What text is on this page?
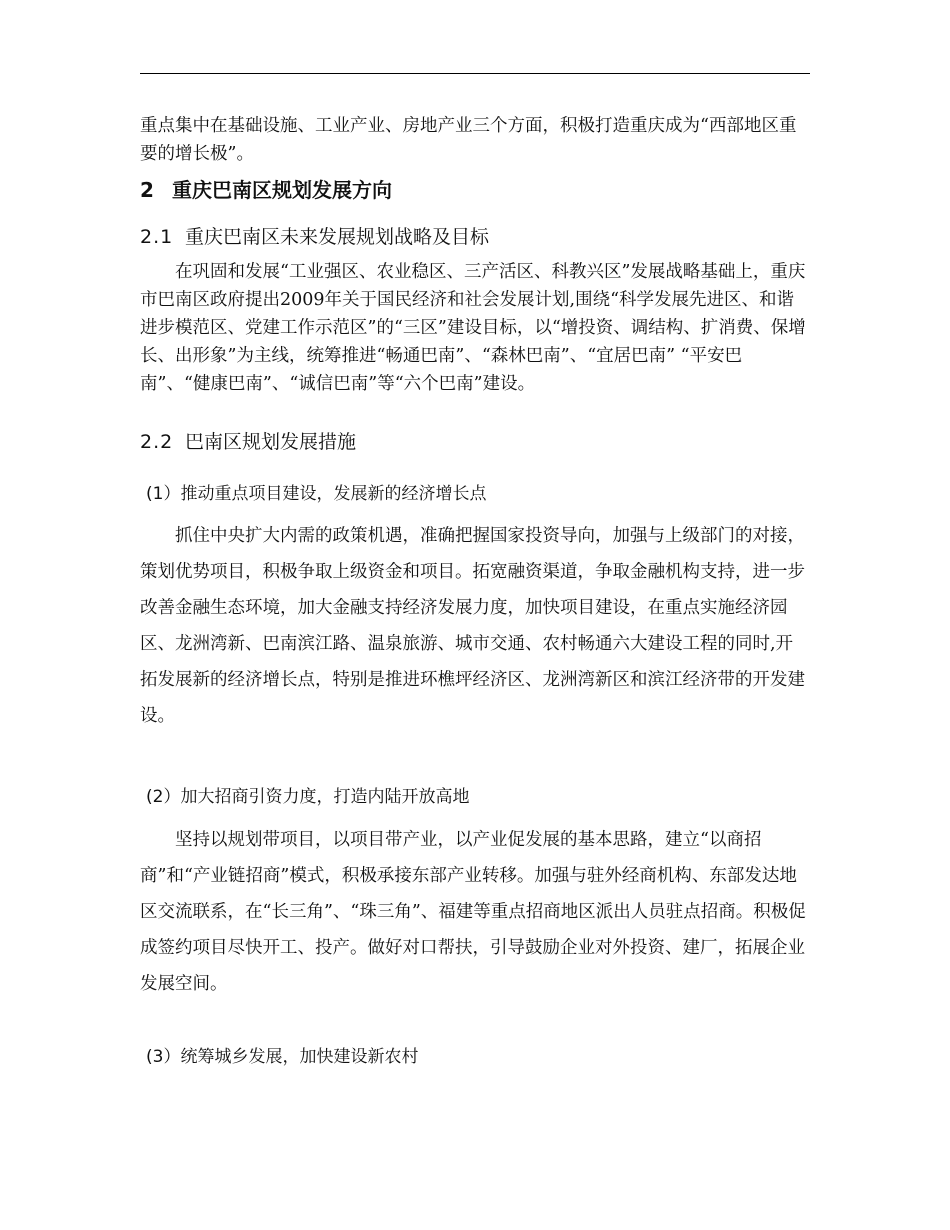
重点集中在基础设施、工业产业、房地产业三个方面，积极打造重庆成为“西部地区重要的增长极”。

2 重庆巴南区规划发展方向
2.1 重庆巴南区未来发展规划战略及目标

在巩固和发展“工业强区、农业稳区、三产活区、科教兴区”发展战略基础上，重庆市巴南区政府提出2009年关于国民经济和社会发展计划,围绕“科学发展先进区、和谐进步模范区、党建工作示范区”的“三区”建设目标，以“增投资、调结构、扩消费、保增长、出形象”为主线，统筹推进“畅通巴南”、“森林巴南”、“宜居巴南” “平安巴南”、“健康巴南”、“诚信巴南”等“六个巴南”建设。

2.2 巴南区规划发展措施
(1）推动重点项目建设，发展新的经济增长点

抓住中央扩大内需的政策机遇，准确把握国家投资导向，加强与上级部门的对接，策划优势项目，积极争取上级资金和项目。拓宽融资渠道，争取金融机构支持，进一步改善金融生态环境，加大金融支持经济发展力度，加快项目建设，在重点实施经济园区、龙洲湾新、巴南滨江路、温泉旅游、城市交通、农村畅通六大建设工程的同时,开拓发展新的经济增长点，特别是推进环樵坪经济区、龙洲湾新区和滨江经济带的开发建设。

(2）加大招商引资力度，打造内陆开放高地

坚持以规划带项目，以项目带产业，以产业促发展的基本思路，建立“以商招商”和“产业链招商”模式，积极承接东部产业转移。加强与驻外经商机构、东部发达地区交流联系，在“长三角”、“珠三角”、福建等重点招商地区派出人员驻点招商。积极促成签约项目尽快开工、投产。做好对口帮扶，引导鼓励企业对外投资、建厂，拓展企业发展空间。

(3）统筹城乡发展，加快建设新农村
